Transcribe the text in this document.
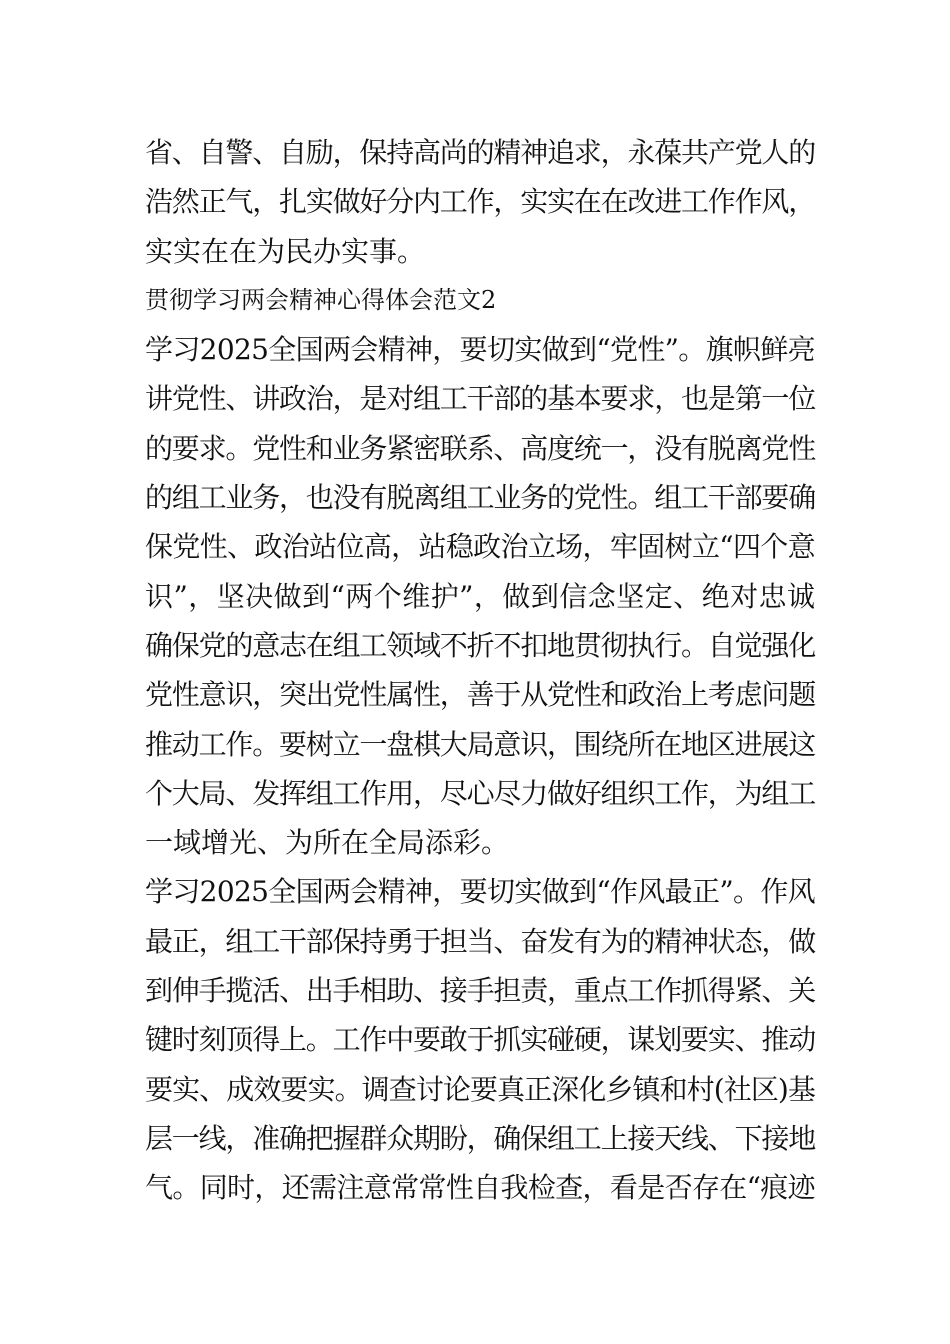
省、自警、自励，保持高尚的精神追求，永葆共产党人的
浩然正气，扎实做好分内工作，实实在在改进工作作风，
实实在在为民办实事。
贯彻学习两会精神心得体会范文2
学习2025全国两会精神，要切实做到“党性”。旗帜鲜亮
讲党性、讲政治，是对组工干部的基本要求，也是第一位
的要求。党性和业务紧密联系、高度统一，没有脱离党性
的组工业务，也没有脱离组工业务的党性。组工干部要确
保党性、政治站位高，站稳政治立场，牢固树立“四个意
识”，坚决做到“两个维护”，做到信念坚定、绝对忠诚
确保党的意志在组工领域不折不扣地贯彻执行。自觉强化
党性意识，突出党性属性，善于从党性和政治上考虑问题
推动工作。要树立一盘棋大局意识，围绕所在地区进展这
个大局、发挥组工作用，尽心尽力做好组织工作，为组工
一域增光、为所在全局添彩。
学习2025全国两会精神，要切实做到“作风最正”。作风
最正，组工干部保持勇于担当、奋发有为的精神状态，做
到伸手揽活、出手相助、接手担责，重点工作抓得紧、关
键时刻顶得上。工作中要敢于抓实碰硬，谋划要实、推动
要实、成效要实。调查讨论要真正深化乡镇和村(社区)基
层一线，准确把握群众期盼，确保组工上接天线、下接地
气。同时，还需注意常常性自我检查，看是否存在“痕迹
